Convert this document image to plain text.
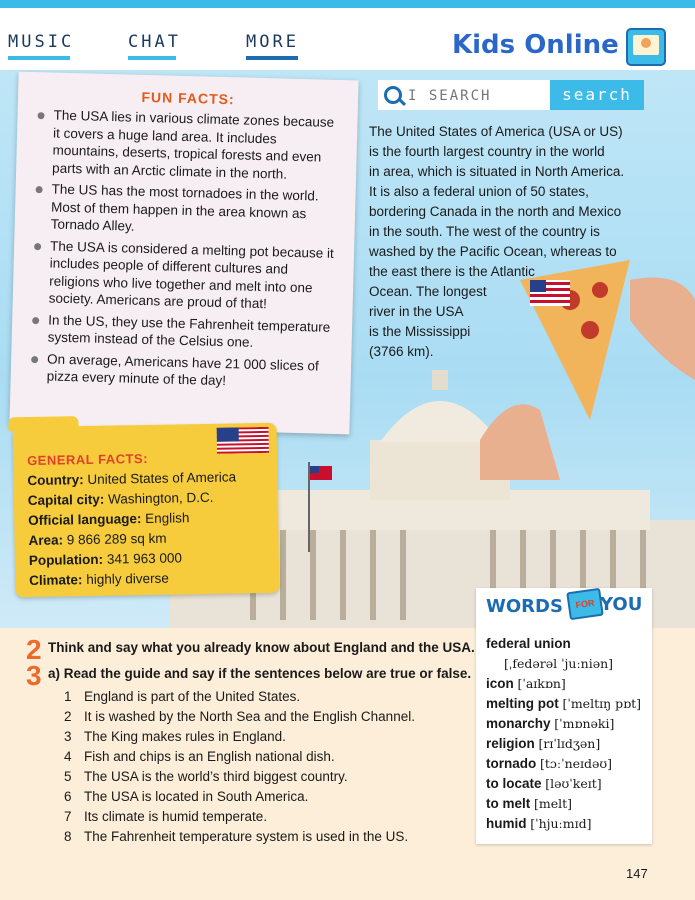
MUSIC	CHAT	MORE	Kids Online
FUN FACTS:
The USA lies in various climate zones because it covers a huge land area. It includes mountains, deserts, tropical forests and even parts with an Arctic climate in the north.
The US has the most tornadoes in the world. Most of them happen in the area known as Tornado Alley.
The USA is considered a melting pot because it includes people of different cultures and religions who live together and melt into one society. Americans are proud of that!
In the US, they use the Fahrenheit temperature system instead of the Celsius one.
On average, Americans have 21 000 slices of pizza every minute of the day!
I SEARCH
search
The United States of America (USA or US)
is the fourth largest country in the world
in area, which is situated in North America.
It is also a federal union of 50 states,
bordering Canada in the north and Mexico
in the south. The west of the country is
washed by the Pacific Ocean, whereas to
the east there is the Atlantic
Ocean. The longest
river in the USA
is the Mississippi
(3766 km).
GENERAL FACTS:
Country: United States of America
Capital city: Washington, D.C.
Official language: English
Area: 9 866 289 sq km
Population: 341 963 000
Climate: highly diverse
2 Think and say what you already know about England and the USA.
3 a) Read the guide and say if the sentences below are true or false.
1 England is part of the United States.
2 It is washed by the North Sea and the English Channel.
3 The King makes rules in England.
4 Fish and chips is an English national dish.
5 The USA is the world’s third biggest country.
6 The USA is located in South America.
7 Its climate is humid temperate.
8 The Fahrenheit temperature system is used in the US.
WORDS	FOR YOU
federal union
[ˌfedərəl ˈjuːniən]
icon [ˈaɪkɒn]
melting pot [ˈmeltɪŋ pɒt]
monarchy [ˈmɒnəki]
religion [rɪˈlɪdʒən]
tornado [tɔːˈneɪdəʊ]
to locate [ləʊˈkeɪt]
to melt [melt]
humid [ˈhjuːmɪd]
147
